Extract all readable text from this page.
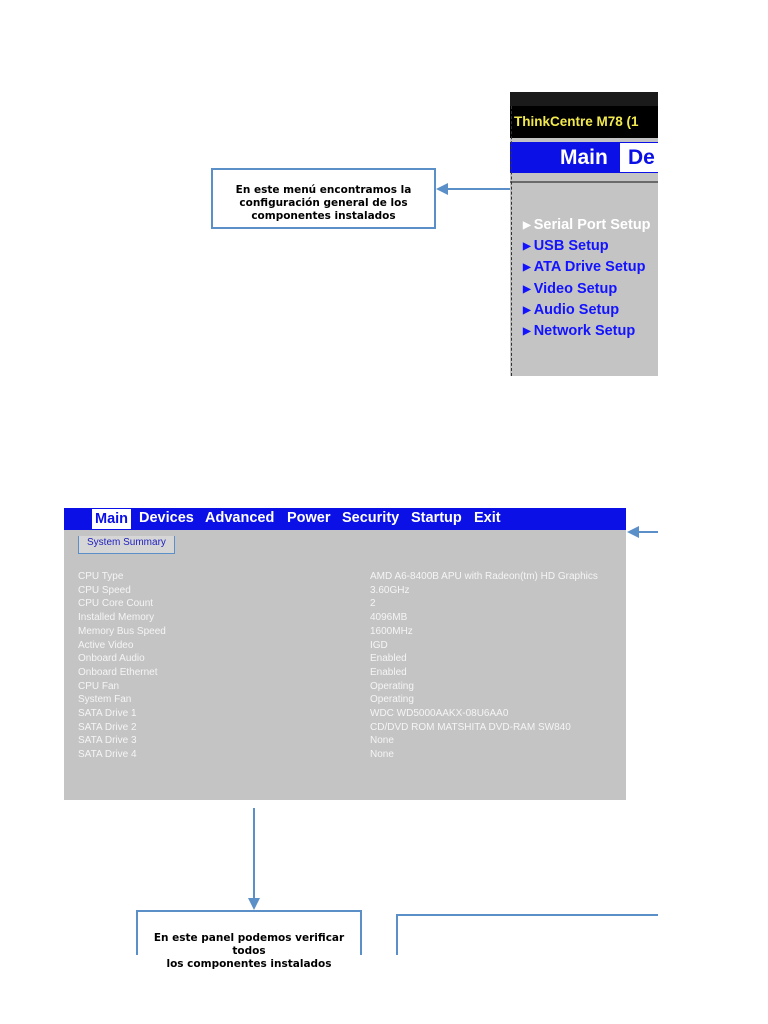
ThinkCentre M78 (1
Main De
▶ Serial Port Setup
▶ USB Setup
▶ ATA Drive Setup
▶ Video Setup
▶ Audio Setup
▶ Network Setup
En este menú encontramos la
configuración general de los
componentes instalados
Main Devices Advanced Power Security Startup Exit
System Summary
CPU Type	AMD A6-8400B APU with Radeon(tm) HD Graphics
CPU Speed	3.60GHz
CPU Core Count	2
Installed Memory	4096MB
Memory Bus Speed	1600MHz
Active Video	IGD
Onboard Audio	Enabled
Onboard Ethernet	Enabled
CPU Fan	Operating
System Fan	Operating
SATA Drive 1	WDC WD5000AAKX-08U6AA0
SATA Drive 2	CD/DVD ROM MATSHITA DVD-RAM SW840
SATA Drive 3	None
SATA Drive 4	None
En este panel podemos verificar todos
los componentes instalados
